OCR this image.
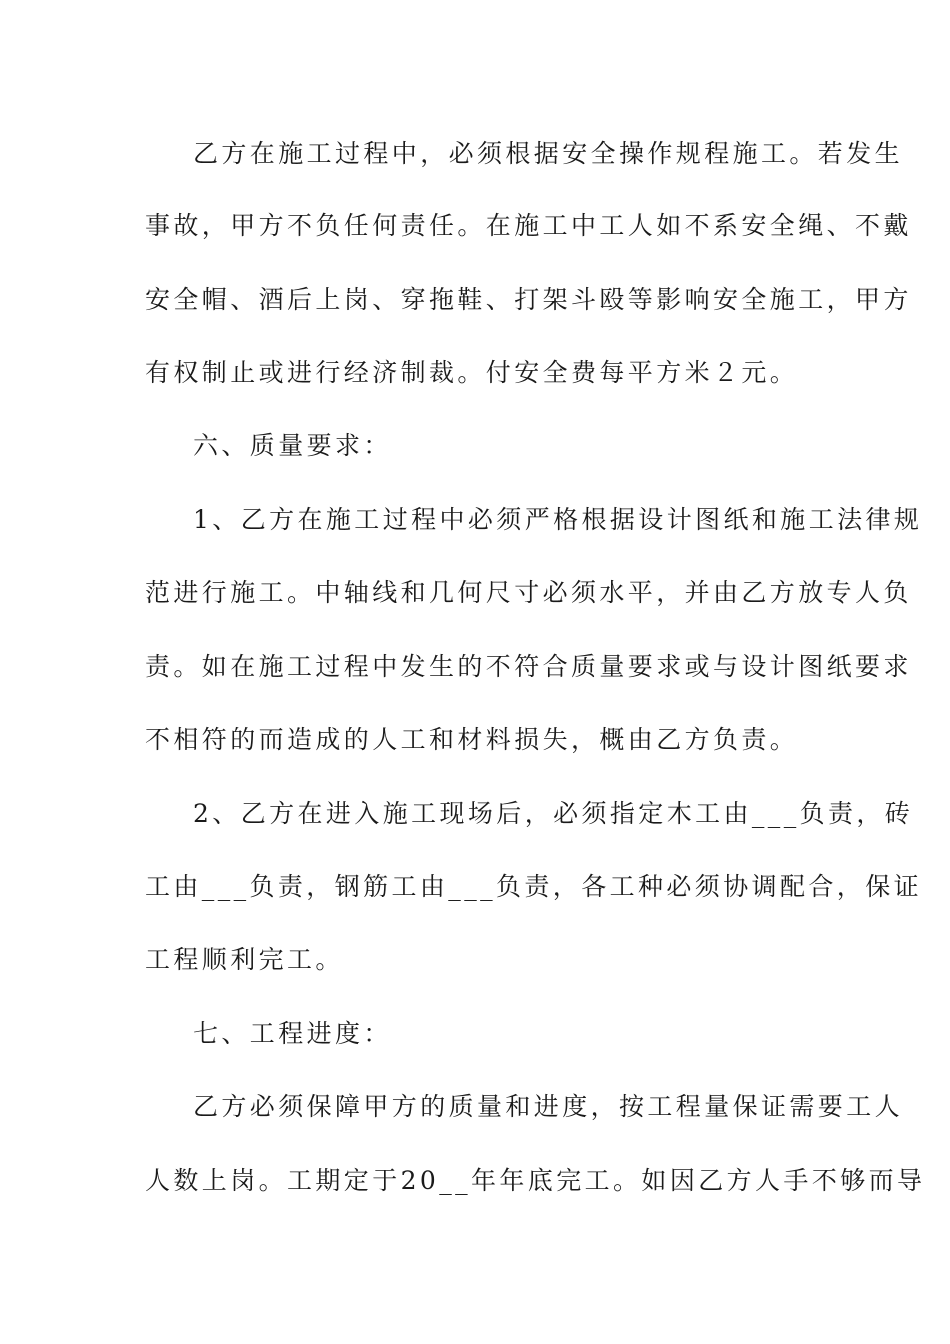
乙方在施工过程中，必须根据安全操作规程施工。若发生
事故，甲方不负任何责任。在施工中工人如不系安全绳、不戴
安全帽、酒后上岗、穿拖鞋、打架斗殴等影响安全施工，甲方
有权制止或进行经济制裁。付安全费每平方米２元。
六、质量要求：
1、乙方在施工过程中必须严格根据设计图纸和施工法律规
范进行施工。中轴线和几何尺寸必须水平，并由乙方放专人负
责。如在施工过程中发生的不符合质量要求或与设计图纸要求
不相符的而造成的人工和材料损失，概由乙方负责。
2、乙方在进入施工现场后，必须指定木工由___负责，砖
工由___负责，钢筋工由___负责，各工种必须协调配合，保证
工程顺利完工。
七、工程进度：
乙方必须保障甲方的质量和进度，按工程量保证需要工人
人数上岗。工期定于20__年年底完工。如因乙方人手不够而导
